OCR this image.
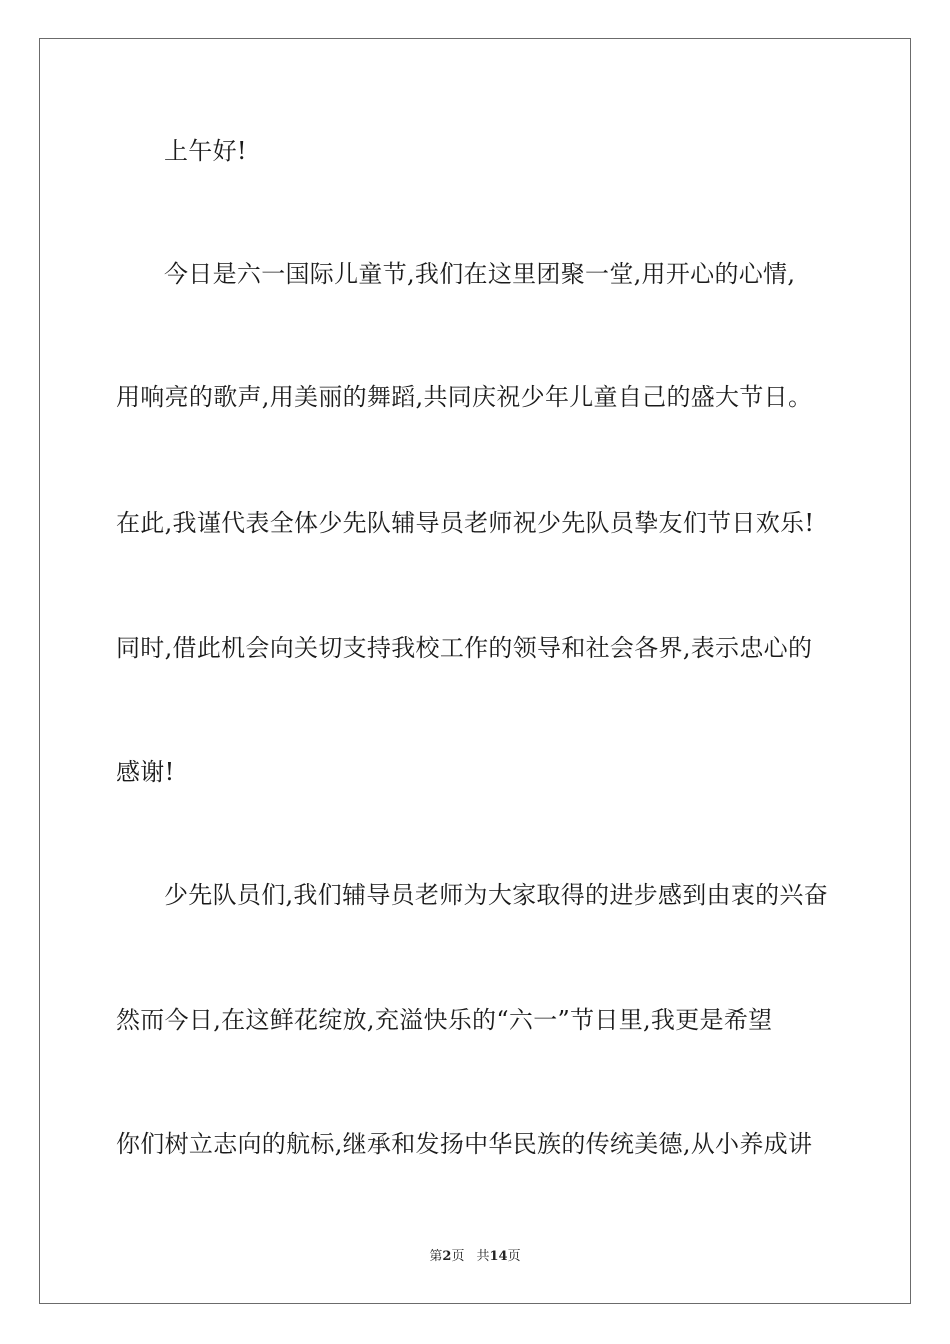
上午好!
今日是六一国际儿童节,我们在这里团聚一堂,用开心的心情,
用响亮的歌声,用美丽的舞蹈,共同庆祝少年儿童自己的盛大节日。
在此,我谨代表全体少先队辅导员老师祝少先队员挚友们节日欢乐!
同时,借此机会向关切支持我校工作的领导和社会各界,表示忠心的
感谢!
少先队员们,我们辅导员老师为大家取得的进步感到由衷的兴奋
然而今日,在这鲜花绽放,充溢快乐的“六一”节日里,我更是希望
你们树立志向的航标,继承和发扬中华民族的传统美德,从小养成讲
第2页 共14页
